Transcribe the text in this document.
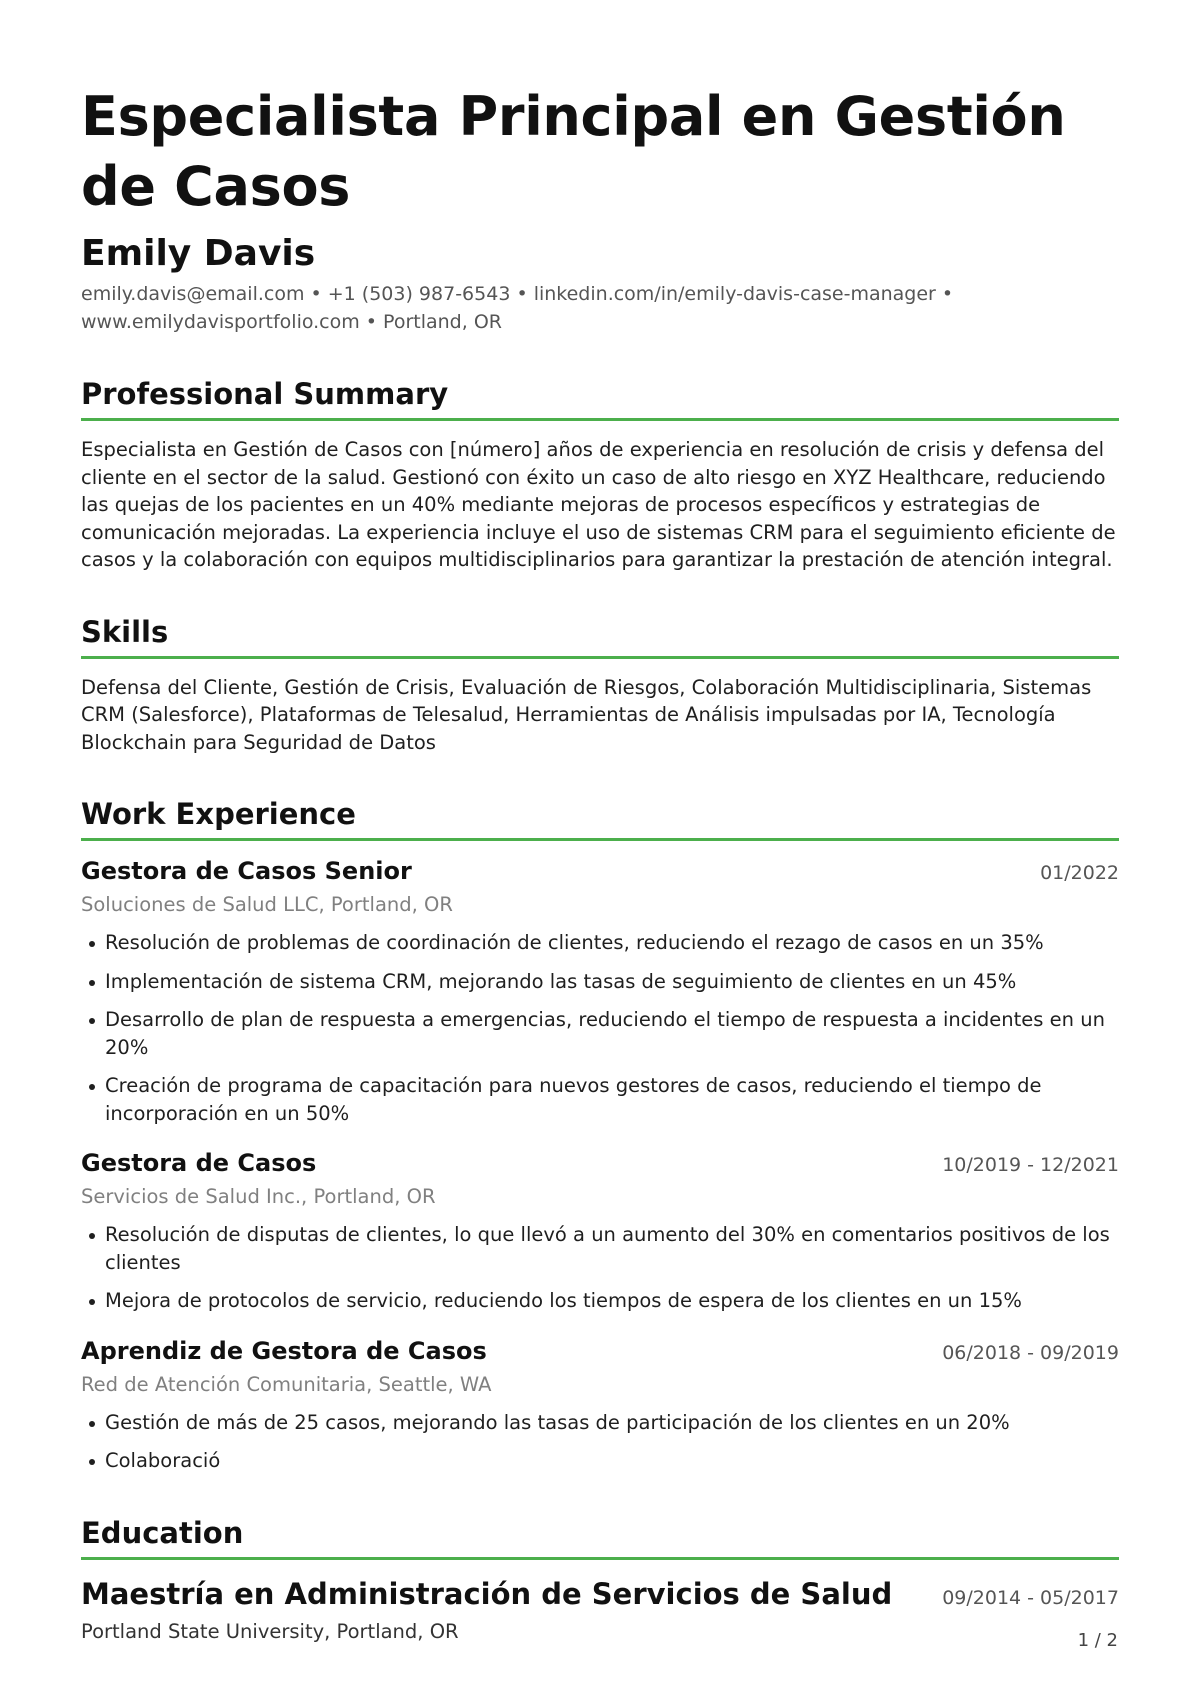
Especialista Principal en Gestión de Casos
Emily Davis
emily.davis@email.com • +1 (503) 987-6543 • linkedin.com/in/emily-davis-case-manager •
www.emilydavisportfolio.com • Portland, OR
Professional Summary
Especialista en Gestión de Casos con [número] años de experiencia en resolución de crisis y defensa del cliente en el sector de la salud. Gestionó con éxito un caso de alto riesgo en XYZ Healthcare, reduciendo las quejas de los pacientes en un 40% mediante mejoras de procesos específicos y estrategias de comunicación mejoradas. La experiencia incluye el uso de sistemas CRM para el seguimiento eficiente de casos y la colaboración con equipos multidisciplinarios para garantizar la prestación de atención integral.
Skills
Defensa del Cliente, Gestión de Crisis, Evaluación de Riesgos, Colaboración Multidisciplinaria, Sistemas CRM (Salesforce), Plataformas de Telesalud, Herramientas de Análisis impulsadas por IA, Tecnología Blockchain para Seguridad de Datos
Work Experience
Gestora de Casos Senior	01/2022
Soluciones de Salud LLC, Portland, OR
Resolución de problemas de coordinación de clientes, reduciendo el rezago de casos en un 35%
Implementación de sistema CRM, mejorando las tasas de seguimiento de clientes en un 45%
Desarrollo de plan de respuesta a emergencias, reduciendo el tiempo de respuesta a incidentes en un 20%
Creación de programa de capacitación para nuevos gestores de casos, reduciendo el tiempo de incorporación en un 50%
Gestora de Casos	10/2019 - 12/2021
Servicios de Salud Inc., Portland, OR
Resolución de disputas de clientes, lo que llevó a un aumento del 30% en comentarios positivos de los clientes
Mejora de protocolos de servicio, reduciendo los tiempos de espera de los clientes en un 15%
Aprendiz de Gestora de Casos	06/2018 - 09/2019
Red de Atención Comunitaria, Seattle, WA
Gestión de más de 25 casos, mejorando las tasas de participación de los clientes en un 20%
Colaboració
Education
Maestría en Administración de Servicios de Salud	09/2014 - 05/2017
Portland State University, Portland, OR	1 / 2
